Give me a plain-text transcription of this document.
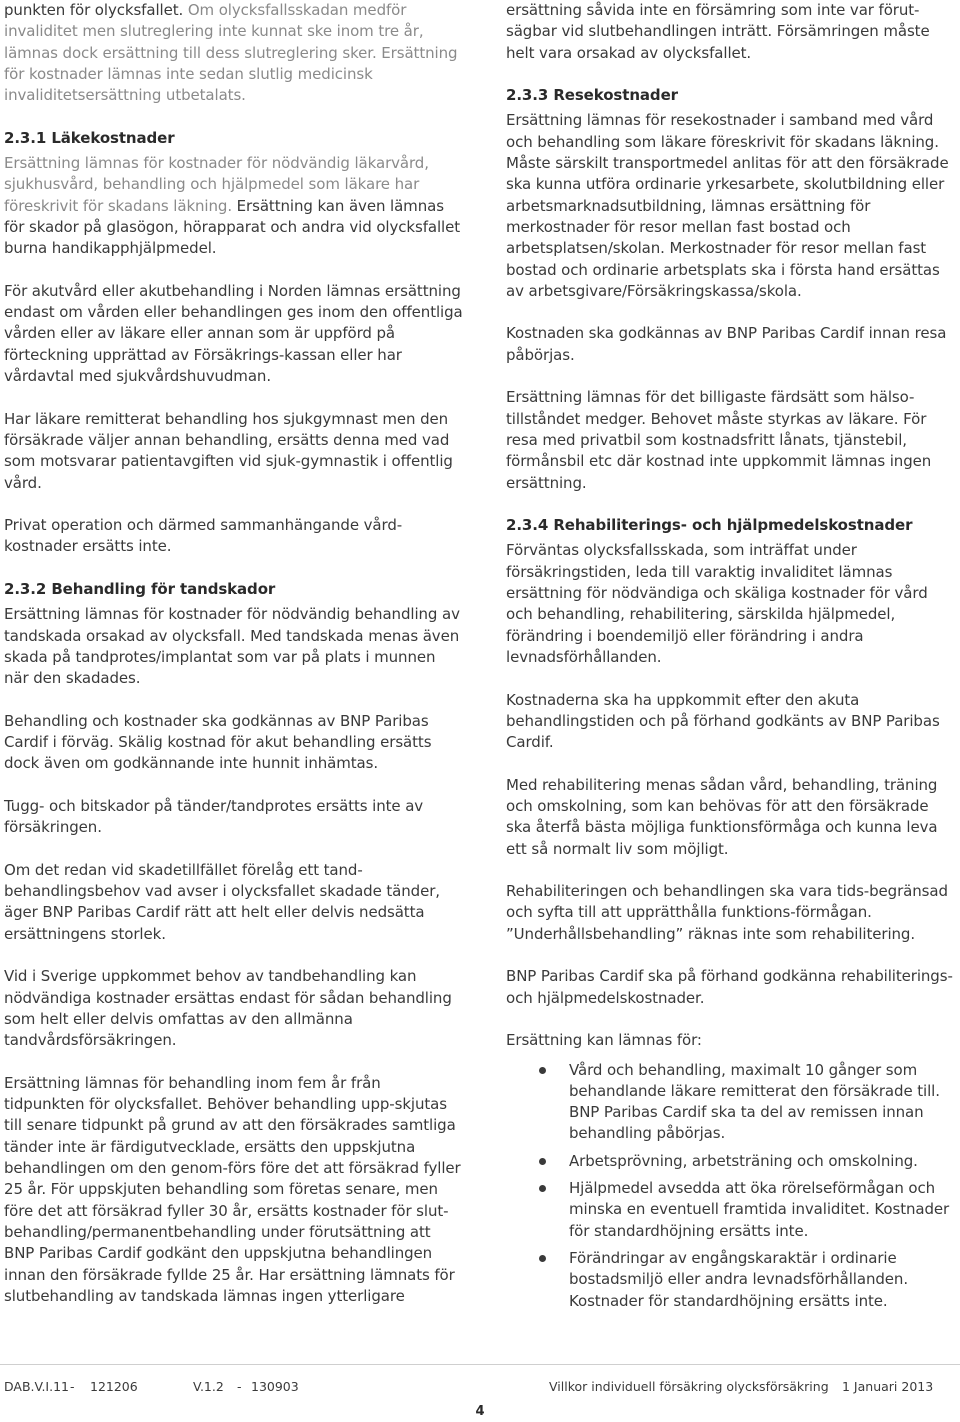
punkten för olycksfallet. Om olycksfallsskadan medför invaliditet men slutreglering inte kunnat ske inom tre år, lämnas dock ersättning till dess slutreglering sker. Ersättning för kostnader lämnas inte sedan slutlig medicinsk invaliditetsersättning utbetalats.

2.3.1 Läkekostnader

Ersättning lämnas för kostnader för nödvändig läkarvård, sjukhusvård, behandling och hjälpmedel som läkare har föreskrivit för skadans läkning. Ersättning kan även lämnas för skador på glasögon, hörapparat och andra vid olycksfallet burna handikapphjälpmedel.

För akutvård eller akutbehandling i Norden lämnas ersättning endast om vården eller behandlingen ges inom den offentliga vården eller av läkare eller annan som är uppförd på förteckning upprättad av Försäkrings-kassan eller har vårdavtal med sjukvårdshuvudman.

Har läkare remitterat behandling hos sjukgymnast men den försäkrade väljer annan behandling, ersätts denna med vad som motsvarar patientavgiften vid sjuk-gymnastik i offentlig vård.

Privat operation och därmed sammanhängande vård-kostnader ersätts inte.

2.3.2 Behandling för tandskador

Ersättning lämnas för kostnader för nödvändig behandling av tandskada orsakad av olycksfall. Med tandskada menas även skada på tandprotes/implantat som var på plats i munnen när den skadades.

Behandling och kostnader ska godkännas av BNP Paribas Cardif i förväg. Skälig kostnad för akut behandling ersätts dock även om godkännande inte hunnit inhämtas.

Tugg- och bitskador på tänder/tandprotes ersätts inte av försäkringen.

Om det redan vid skadetillfället förelåg ett tand-behandlingsbehov vad avser i olycksfallet skadade tänder, äger BNP Paribas Cardif rätt att helt eller delvis nedsätta ersättningens storlek.

Vid i Sverige uppkommet behov av tandbehandling kan nödvändiga kostnader ersättas endast för sådan behandling som helt eller delvis omfattas av den allmänna tandvårdsförsäkringen.

Ersättning lämnas för behandling inom fem år från tidpunkten för olycksfallet. Behöver behandling upp-skjutas till senare tidpunkt på grund av att den försäkrades samtliga tänder inte är färdigutvecklade, ersätts den uppskjutna behandlingen om den genom-förs före det att försäkrad fyller 25 år. För uppskjuten behandling som företas senare, men före det att försäkrad fyller 30 år, ersätts kostnader för slut-behandling/permanentbehandling under förutsättning att BNP Paribas Cardif godkänt den uppskjutna behandlingen innan den försäkrade fyllde 25 år. Har ersättning lämnats för slutbehandling av tandskada lämnas ingen ytterligare

ersättning såvida inte en försämring som inte var förut-sägbar vid slutbehandlingen inträtt. Försämringen måste helt vara orsakad av olycksfallet.

2.3.3 Resekostnader

Ersättning lämnas för resekostnader i samband med vård och behandling som läkare föreskrivit för skadans läkning. Måste särskilt transportmedel anlitas för att den försäkrade ska kunna utföra ordinarie yrkesarbete, skolutbildning eller arbetsmarknadsutbildning, lämnas ersättning för merkostnader för resor mellan fast bostad och arbetsplatsen/skolan. Merkostnader för resor mellan fast bostad och ordinarie arbetsplats ska i första hand ersättas av arbetsgivare/Försäkringskassa/skola.

Kostnaden ska godkännas av BNP Paribas Cardif innan resa påbörjas.

Ersättning lämnas för det billigaste färdsätt som hälso-tillståndet medger. Behovet måste styrkas av läkare. För resa med privatbil som kostnadsfritt lånats, tjänstebil, förmånsbil etc där kostnad inte uppkommit lämnas ingen ersättning.

2.3.4 Rehabiliterings- och hjälpmedelskostnader

Förväntas olycksfallsskada, som inträffat under försäkringstiden, leda till varaktig invaliditet lämnas ersättning för nödvändiga och skäliga kostnader för vård och behandling, rehabilitering, särskilda hjälpmedel, förändring i boendemiljö eller förändring i andra levnadsförhållanden.

Kostnaderna ska ha uppkommit efter den akuta behandlingstiden och på förhand godkänts av BNP Paribas Cardif.

Med rehabilitering menas sådan vård, behandling, träning och omskolning, som kan behövas för att den försäkrade ska återfå bästa möjliga funktionsförmåga och kunna leva ett så normalt liv som möjligt.

Rehabiliteringen och behandlingen ska vara tids-begränsad och syfta till att upprätthålla funktions-förmågan. ”Underhållsbehandling” räknas inte som rehabilitering.

BNP Paribas Cardif ska på förhand godkänna rehabiliterings- och hjälpmedelskostnader.

Ersättning kan lämnas för:

Vård och behandling, maximalt 10 gånger som behandlande läkare remitterat den försäkrade till. BNP Paribas Cardif ska ta del av remissen innan behandling påbörjas.
Arbetsprövning, arbetsträning och omskolning.
Hjälpmedel avsedda att öka rörelseförmågan och minska en eventuell framtida invaliditet. Kostnader för standardhöjning ersätts inte.
Förändringar av engångskaraktär i ordinarie bostadsmiljö eller andra levnadsförhållanden. Kostnader för standardhöjning ersätts inte.
DAB.V.I.11 - 121206	V.1.2 - 130903	Villkor individuell försäkring olycksförsäkring 1 Januari 2013
4
